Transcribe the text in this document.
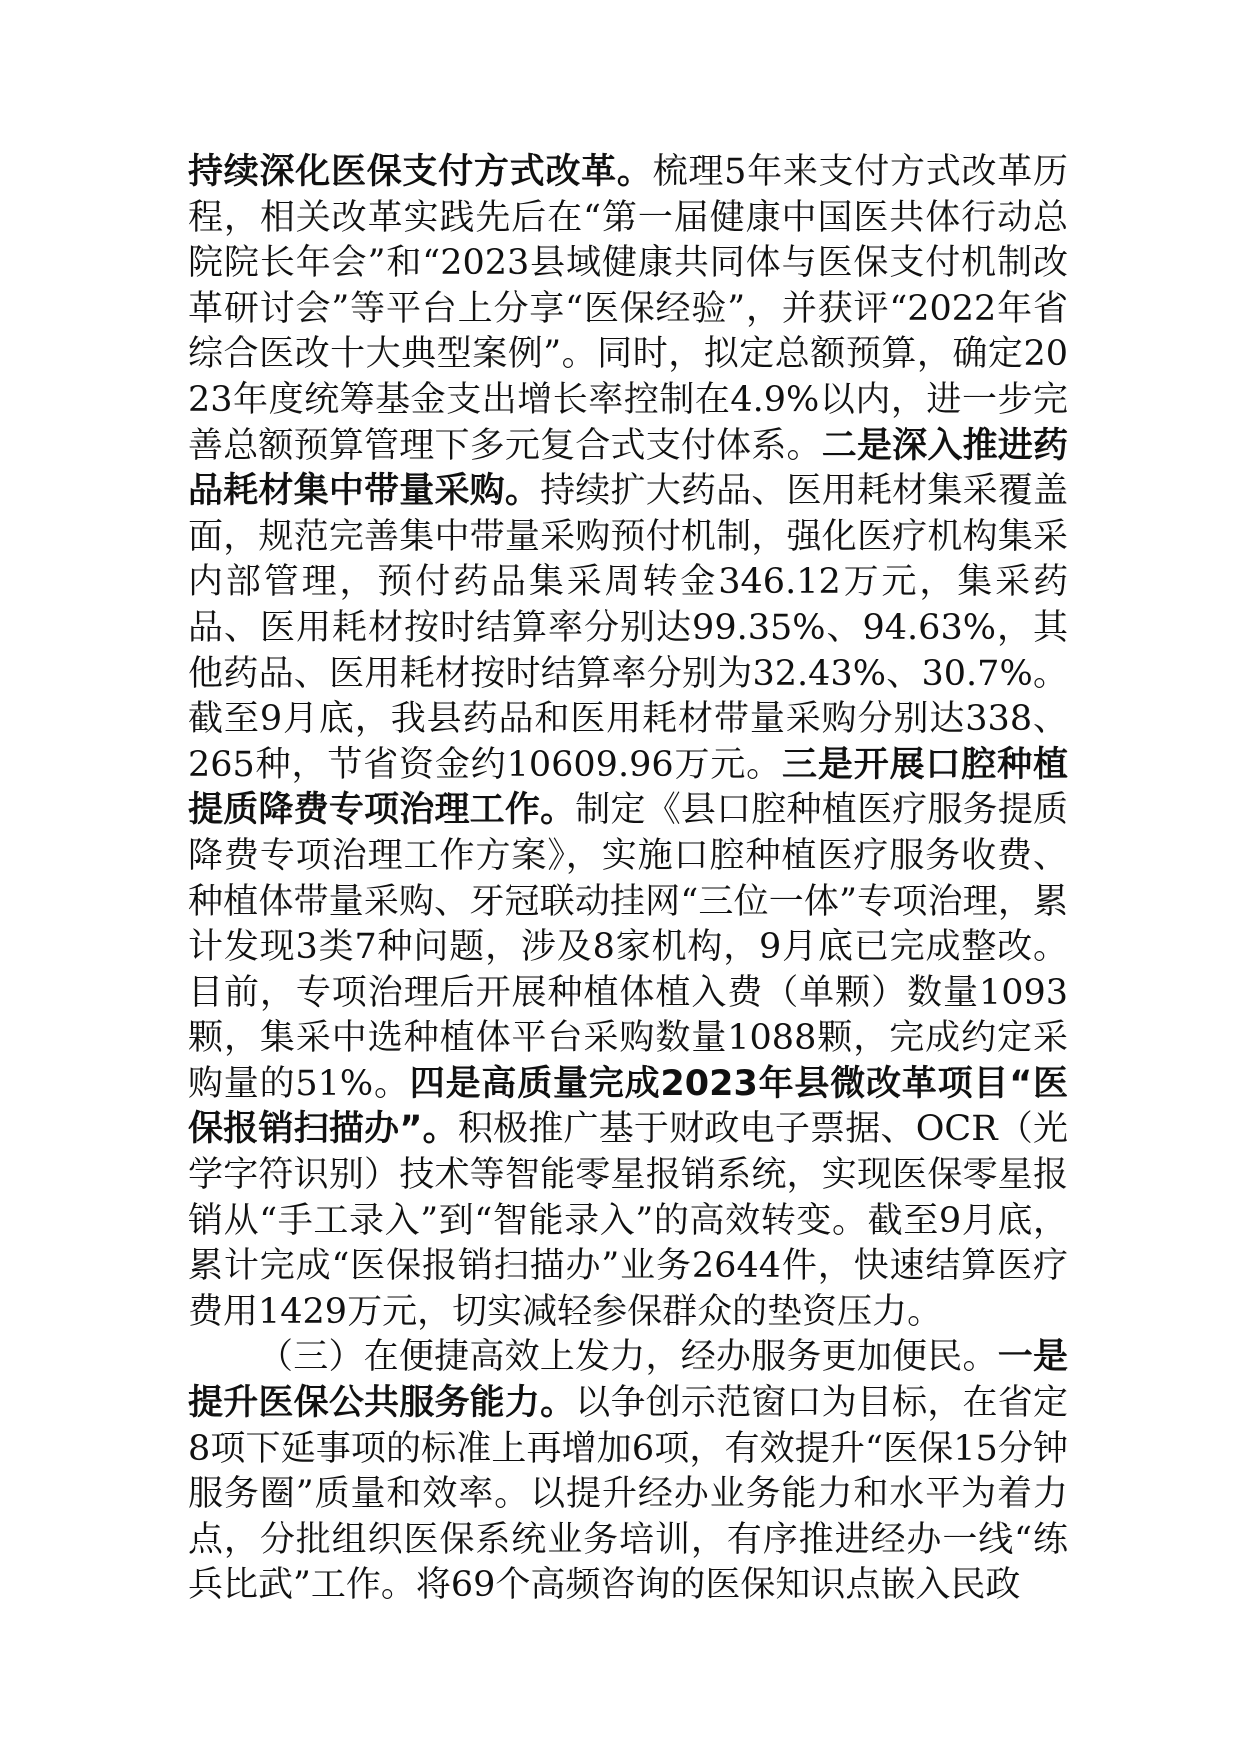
持续深化医保支付方式改革。梳理5年来支付方式改革历程，相关改革实践先后在“第一届健康中国医共体行动总院院长年会”和“2023县域健康共同体与医保支付机制改革研讨会”等平台上分享“医保经验”，并获评“2022年省综合医改十大典型案例”。同时，拟定总额预算，确定2023年度统筹基金支出增长率控制在4.9%以内，进一步完善总额预算管理下多元复合式支付体系。二是深入推进药品耗材集中带量采购。持续扩大药品、医用耗材集采覆盖面，规范完善集中带量采购预付机制，强化医疗机构集采内部管理，预付药品集采周转金346.12万元，集采药品、医用耗材按时结算率分别达99.35%、94.63%，其他药品、医用耗材按时结算率分别为32.43%、30.7%。截至9月底，我县药品和医用耗材带量采购分别达338、265种，节省资金约10609.96万元。三是开展口腔种植提质降费专项治理工作。制定《县口腔种植医疗服务提质降费专项治理工作方案》，实施口腔种植医疗服务收费、种植体带量采购、牙冠联动挂网“三位一体”专项治理，累计发现3类7种问题，涉及8家机构，9月底已完成整改。目前，专项治理后开展种植体植入费（单颗）数量1093颗，集采中选种植体平台采购数量1088颗，完成约定采购量的51%。四是高质量完成2023年县微改革项目“医保报销扫描办”。积极推广基于财政电子票据、OCR（光学字符识别）技术等智能零星报销系统，实现医保零星报销从“手工录入”到“智能录入”的高效转变。截至9月底，累计完成“医保报销扫描办”业务2644件，快速结算医疗费用1429万元，切实减轻参保群众的垫资压力。

（三）在便捷高效上发力，经办服务更加便民。一是提升医保公共服务能力。以争创示范窗口为目标，在省定8项下延事项的标准上再增加6项，有效提升“医保15分钟服务圈”质量和效率。以提升经办业务能力和水平为着力点，分批组织医保系统业务培训，有序推进经办一线“练兵比武”工作。将69个高频咨询的医保知识点嵌入民政
